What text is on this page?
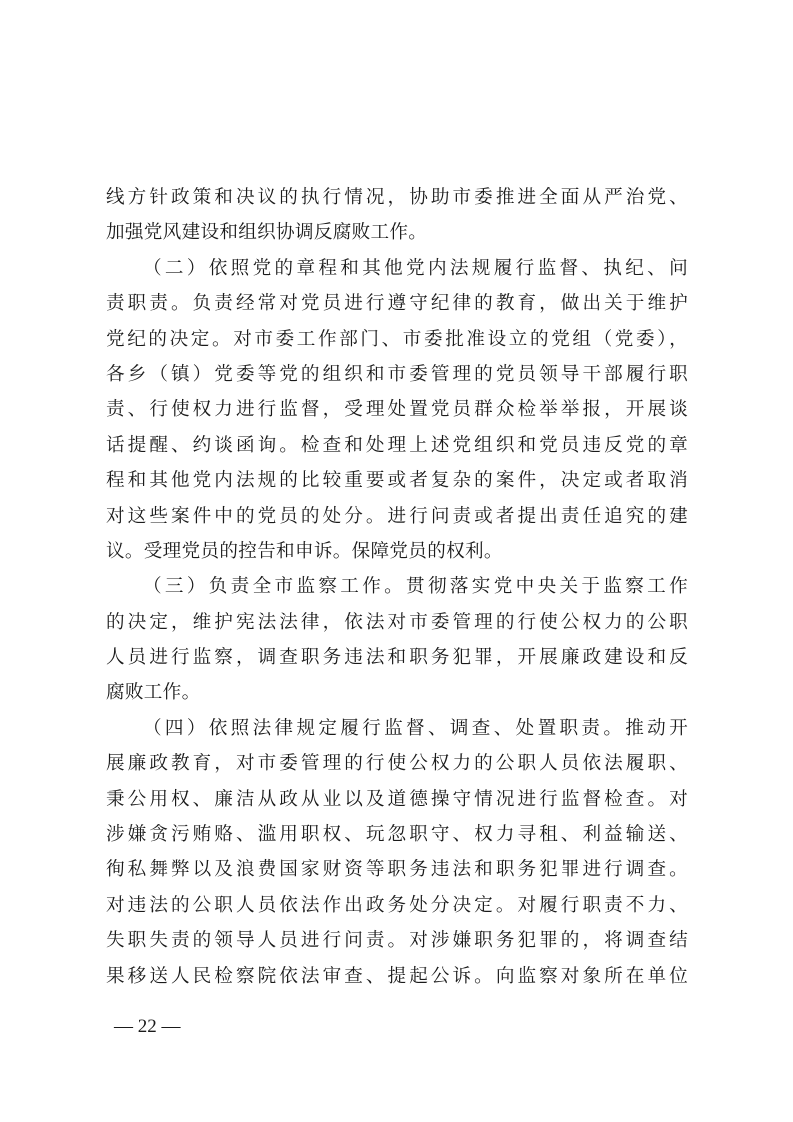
线方针政策和决议的执行情况，协助市委推进全面从严治党、
加强党风建设和组织协调反腐败工作。
（二）依照党的章程和其他党内法规履行监督、执纪、问
责职责。负责经常对党员进行遵守纪律的教育，做出关于维护
党纪的决定。对市委工作部门、市委批准设立的党组（党委），
各乡（镇）党委等党的组织和市委管理的党员领导干部履行职
责、行使权力进行监督，受理处置党员群众检举举报，开展谈
话提醒、约谈函询。检查和处理上述党组织和党员违反党的章
程和其他党内法规的比较重要或者复杂的案件，决定或者取消
对这些案件中的党员的处分。进行问责或者提出责任追究的建
议。受理党员的控告和申诉。保障党员的权利。
（三）负责全市监察工作。贯彻落实党中央关于监察工作
的决定，维护宪法法律，依法对市委管理的行使公权力的公职
人员进行监察，调查职务违法和职务犯罪，开展廉政建设和反
腐败工作。
（四）依照法律规定履行监督、调查、处置职责。推动开
展廉政教育，对市委管理的行使公权力的公职人员依法履职、
秉公用权、廉洁从政从业以及道德操守情况进行监督检查。对
涉嫌贪污贿赂、滥用职权、玩忽职守、权力寻租、利益输送、
徇私舞弊以及浪费国家财资等职务违法和职务犯罪进行调查。
对违法的公职人员依法作出政务处分决定。对履行职责不力、
失职失责的领导人员进行问责。对涉嫌职务犯罪的，将调查结
果移送人民检察院依法审查、提起公诉。向监察对象所在单位
— 22 —
